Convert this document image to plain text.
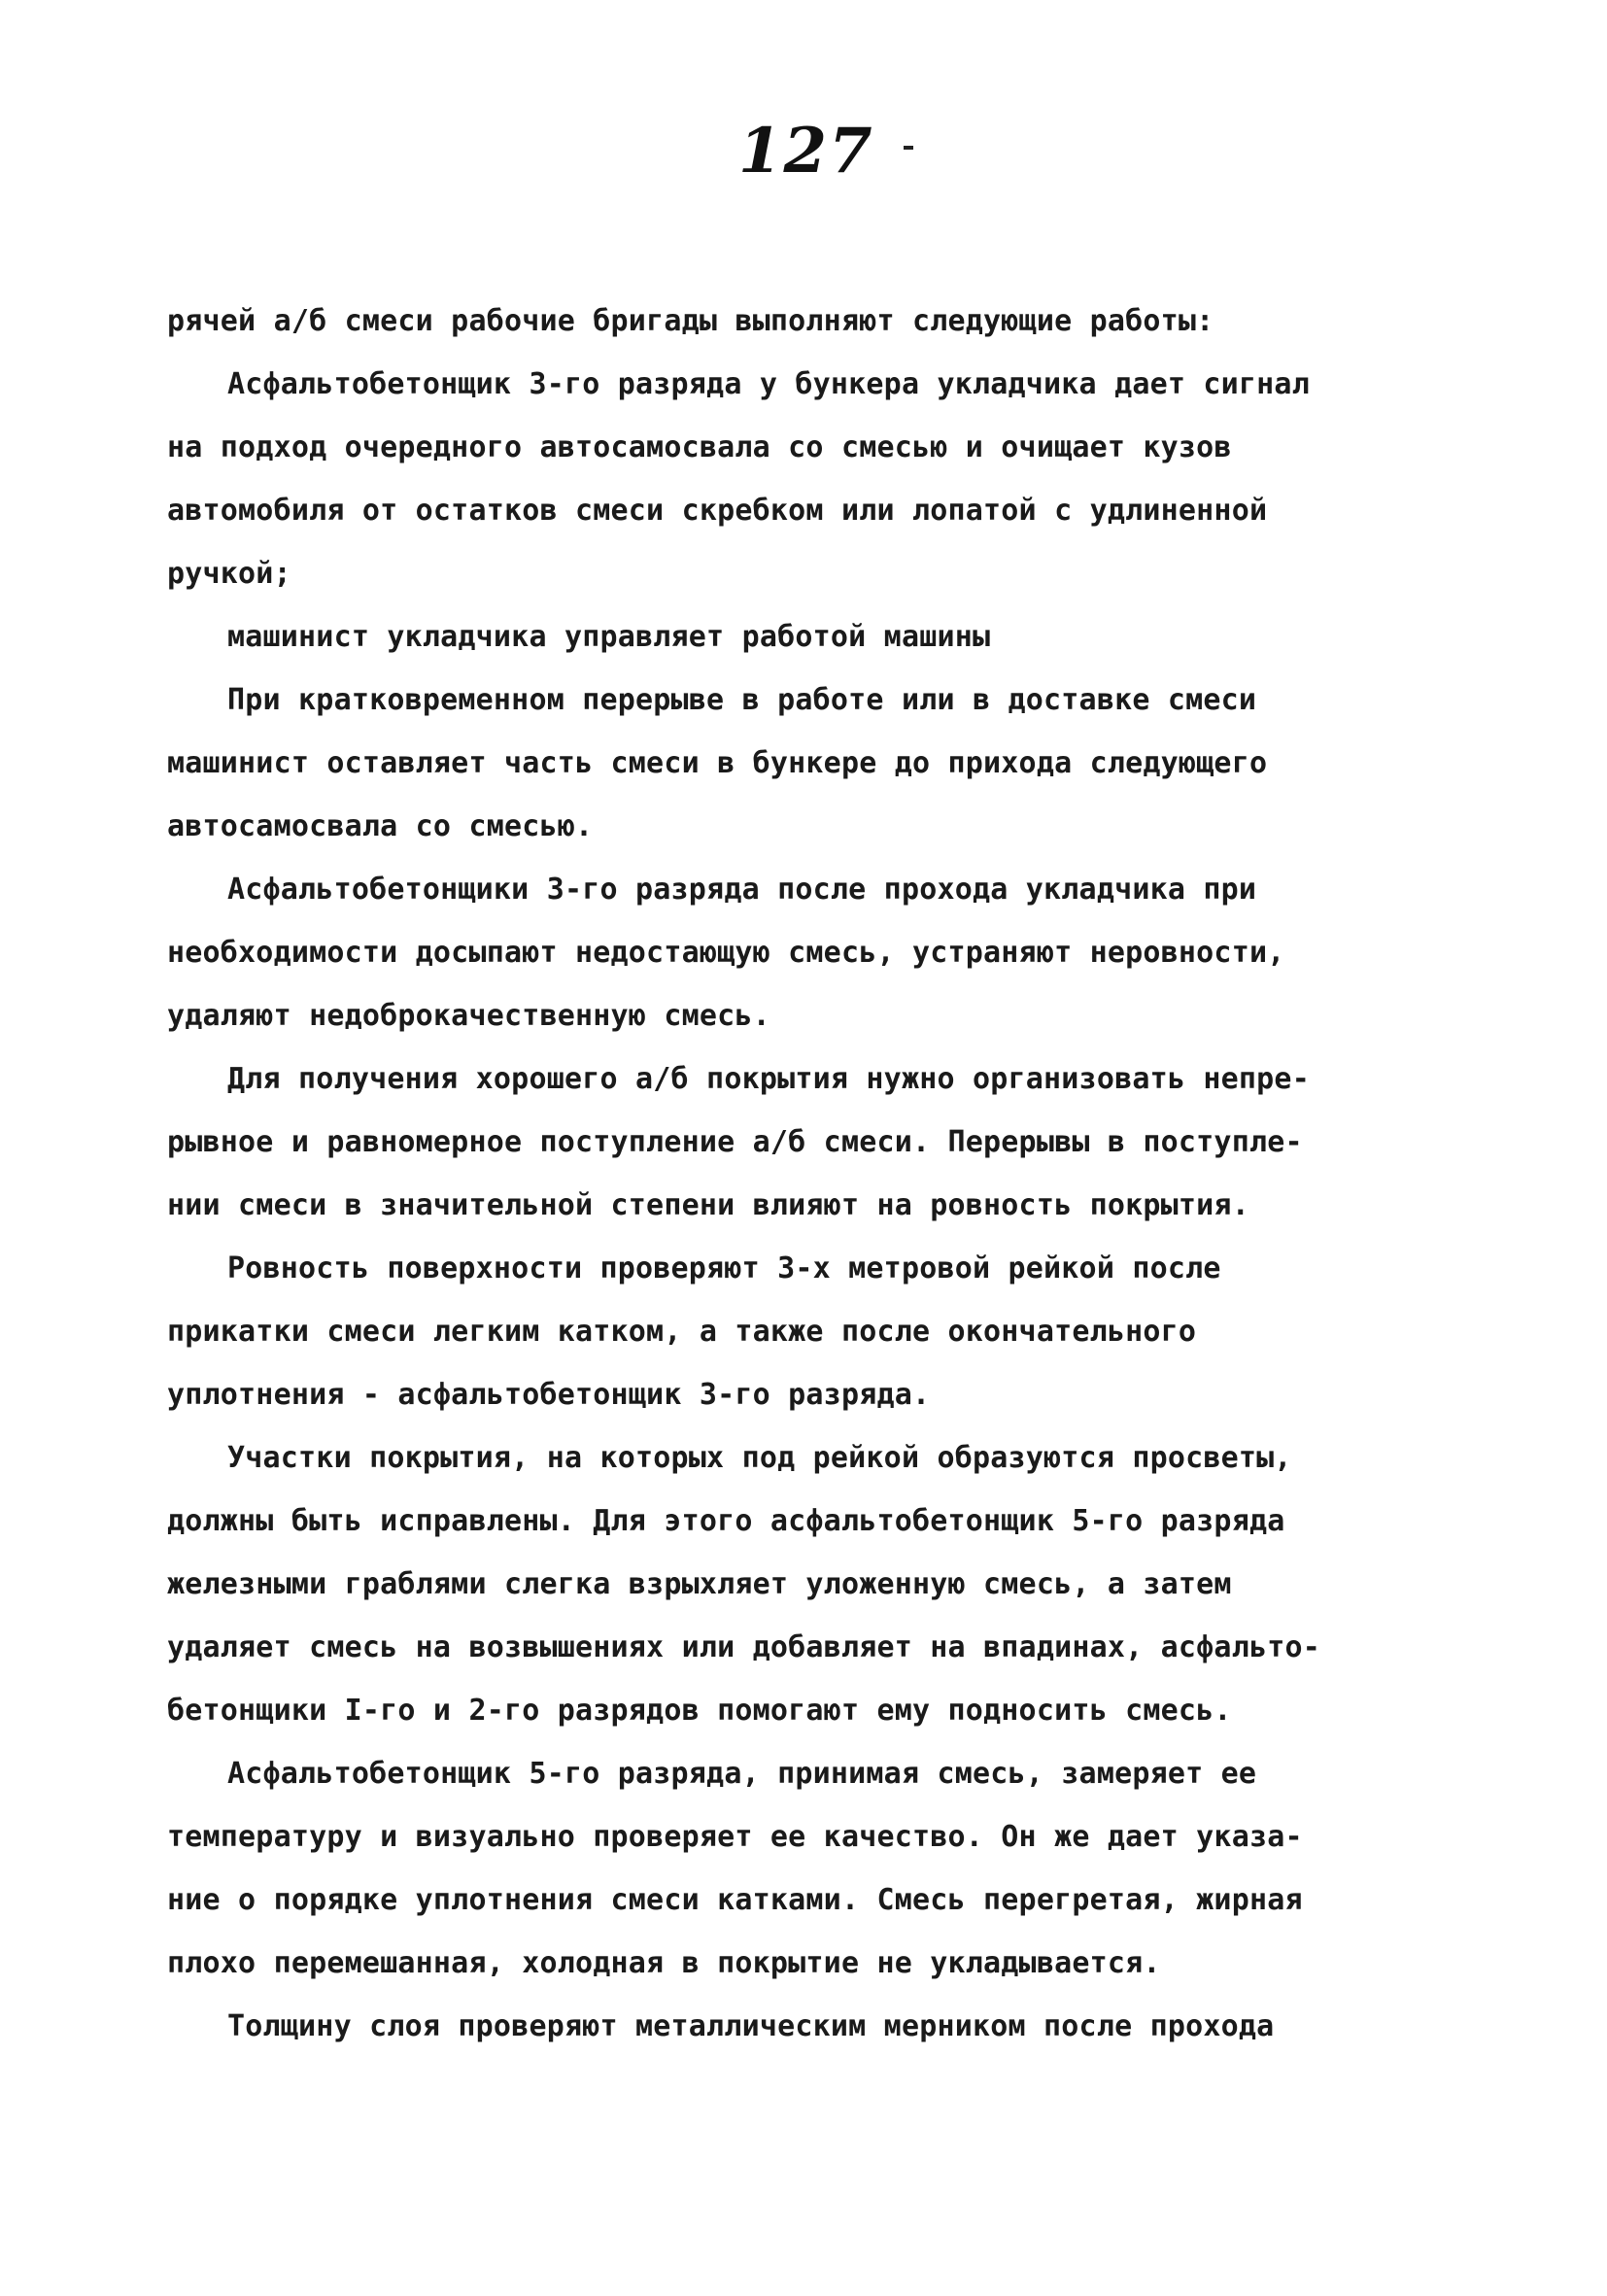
127
рячей а/б смеси рабочие бригады выполняют следующие работы:
Асфальтобетонщик 3-го разряда у бункера укладчика дает сигнал
на подход очередного автосамосвала со смесью и очищает кузов
автомобиля от остатков смеси скребком или лопатой с удлиненной
ручкой;
машинист укладчика управляет работой машины
При кратковременном перерыве в работе или в доставке смеси
машинист оставляет часть смеси в бункере до прихода следующего
автосамосвала со смесью.
Асфальтобетонщики 3-го разряда после прохода укладчика при
необходимости досыпают недостающую смесь, устраняют неровности,
удаляют недоброкачественную смесь.
Для получения хорошего а/б покрытия нужно организовать непре-
рывное и равномерное поступление а/б смеси. Перерывы в поступле-
нии смеси в значительной степени влияют на ровность покрытия.
Ровность поверхности проверяют 3-х метровой рейкой после
прикатки смеси легким катком, а также после окончательного
уплотнения - асфальтобетонщик 3-го разряда.
Участки покрытия, на которых под рейкой образуются просветы,
должны быть исправлены. Для этого асфальтобетонщик 5-го разряда
железными граблями слегка взрыхляет уложенную смесь, а затем
удаляет смесь на возвышениях или добавляет на впадинах, асфальто-
бетонщики I-го и 2-го разрядов помогают ему подносить смесь.
Асфальтобетонщик 5-го разряда, принимая смесь, замеряет ее
температуру и визуально проверяет ее качество. Он же дает указа-
ние о порядке уплотнения смеси катками. Смесь перегретая, жирная
плохо перемешанная, холодная в покрытие не укладывается.
Толщину слоя проверяют металлическим мерником после прохода
